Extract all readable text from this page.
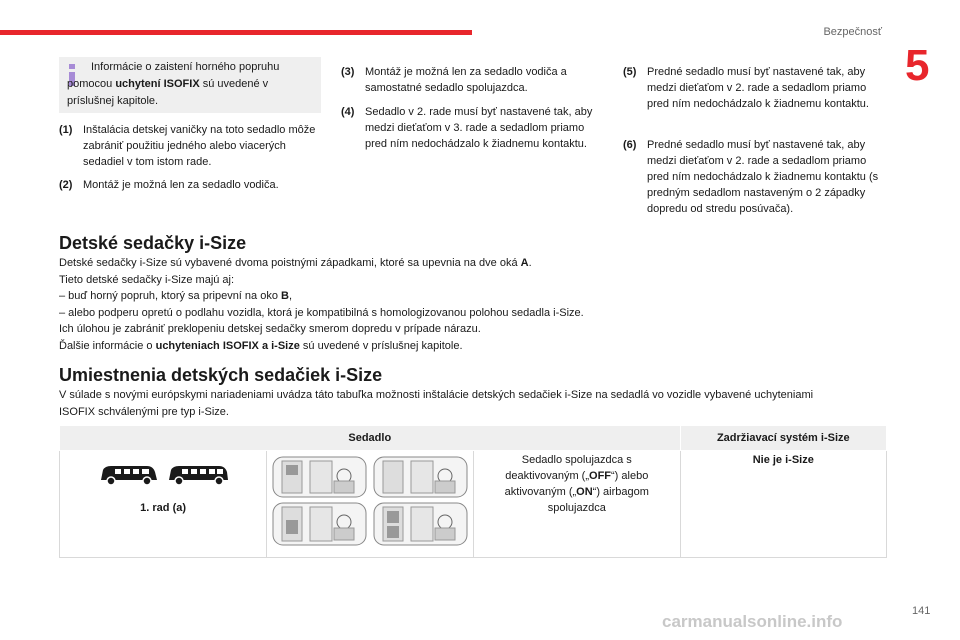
Bezpečnosť
5
Informácie o zaistení horného popruhu pomocou uchytení ISOFIX sú uvedené v príslušnej kapitole.
(1) Inštalácia detskej vaničky na toto sedadlo môže zabrániť použitiu jedného alebo viacerých sedadiel v tom istom rade.
(2) Montáž je možná len za sedadlo vodiča.
(3) Montáž je možná len za sedadlo vodiča a samostatné sedadlo spolujazdca.
(4) Sedadlo v 2. rade musí byť nastavené tak, aby medzi dieťaťom v 3. rade a sedadlom priamo pred ním nedochádzalo k žiadnemu kontaktu.
(5) Predné sedadlo musí byť nastavené tak, aby medzi dieťaťom v 2. rade a sedadlom priamo pred ním nedochádzalo k žiadnemu kontaktu.
(6) Predné sedadlo musí byť nastavené tak, aby medzi dieťaťom v 2. rade a sedadlom priamo pred ním nedochádzalo k žiadnemu kontaktu (s predným sedadlom nastaveným o 2 západky dopredu od stredu posúvača).
Detské sedačky i-Size

Detské sedačky i-Size sú vybavené dvoma poistnými západkami, ktoré sa upevnia na dve oká A.

Tieto detské sedačky i-Size majú aj:

– buď horný popruh, ktorý sa pripevní na oko B,

– alebo podperu opretú o podlahu vozidla, ktorá je kompatibilná s homologizovanou polohou sedadla i-Size.

Ich úlohou je zabrániť preklopeniu detskej sedačky smerom dopredu v prípade nárazu.

Ďalšie informácie o uchyteniach ISOFIX a i-Size sú uvedené v príslušnej kapitole.

Umiestnenia detských sedačiek i-Size
V súlade s novými európskymi nariadeniami uvádza táto tabuľka možnosti inštalácie detských sedačiek i-Size na sedadlá vo vozidle vybavené uchyteniami ISOFIX schválenými pre typ i-Size.
Sedadlo			Zadržiavací systém i-Size

1. rad (a)		Sedadlo spolujazdca s
deaktivovaným („OFF“) alebo
aktivovaným („ON“) airbagom
spolujazdca	Nie je i-Size
carmanualsonline.info
141
